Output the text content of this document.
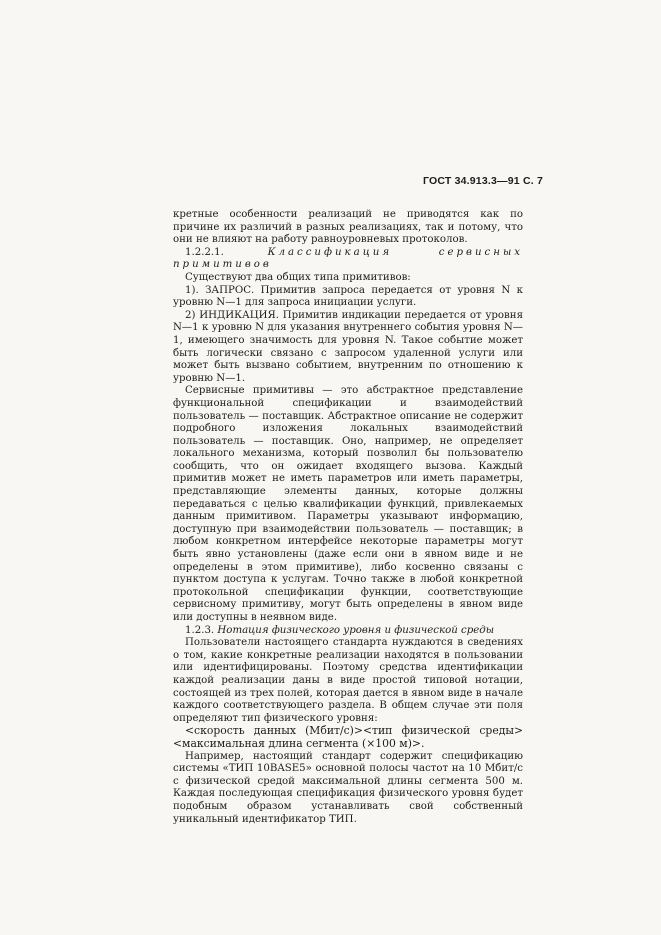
ГОСТ 34.913.3—91 С. 7

кретные особенности реализаций не приводятся как по причине их различий в разных реализациях, так и потому, что они не влияют на работу равноуровневых протоколов.

1.2.2.1.	Классификация сервисных примитивов

Существуют два общих типа примитивов:

1). ЗАПРОС. Примитив запроса передается от уровня N к уровню N—1 для запроса инициации услуги.

2) ИНДИКАЦИЯ. Примитив индикации передается от уровня N—1 к уровню N для указания внутреннего события уровня N—1, имеющего значимость для уровня N. Такое событие может быть логически связано с запросом удаленной услуги или может быть вызвано событием, внутренним по отношению к уровню N—1.

Сервисные примитивы — это абстрактное представление функциональной спецификации и взаимодействий пользователь — поставщик. Абстрактное описание не содержит подробного изложения локальных взаимодействий пользователь — поставщик. Оно, например, не определяет локального механизма, который позволил бы пользователю сообщить, что он ожидает входящего вызова. Каждый примитив может не иметь параметров или иметь параметры, представляющие элементы данных, которые должны передаваться с целью квалификации функций, привлекаемых данным примитивом. Параметры указывают информацию, доступную при взаимодействии пользователь — поставщик; в любом конкретном интерфейсе некоторые параметры могут быть явно установлены (даже если они в явном виде и не определены в этом примитиве), либо косвенно связаны с пунктом доступа к услугам. Точно также в любой конкретной протокольной спецификации функции, соответствующие сервисному примитиву, могут быть определены в явном виде или доступны в неявном виде.

1.2.3. Нотация физического уровня и физической среды

Пользователи настоящего стандарта нуждаются в сведениях о том, какие конкретные реализации находятся в пользовании или идентифицированы. Поэтому средства идентификации каждой реализации даны в виде простой типовой нотации, состоящей из трех полей, которая дается в явном виде в начале каждого соответствующего раздела. В общем случае эти поля определяют тип физического уровня:

<скорость данных (Мбит/с)><тип физической среды><максимальная длина сегмента (×100 м)>.

Например, настоящий стандарт содержит спецификацию системы «ТИП 10BASE5» основной полосы частот на 10 Мбит/с с физической средой максимальной длины сегмента 500 м. Каждая последующая спецификация физического уровня будет подобным образом устанавливать свой собственный уникальный идентификатор ТИП.
